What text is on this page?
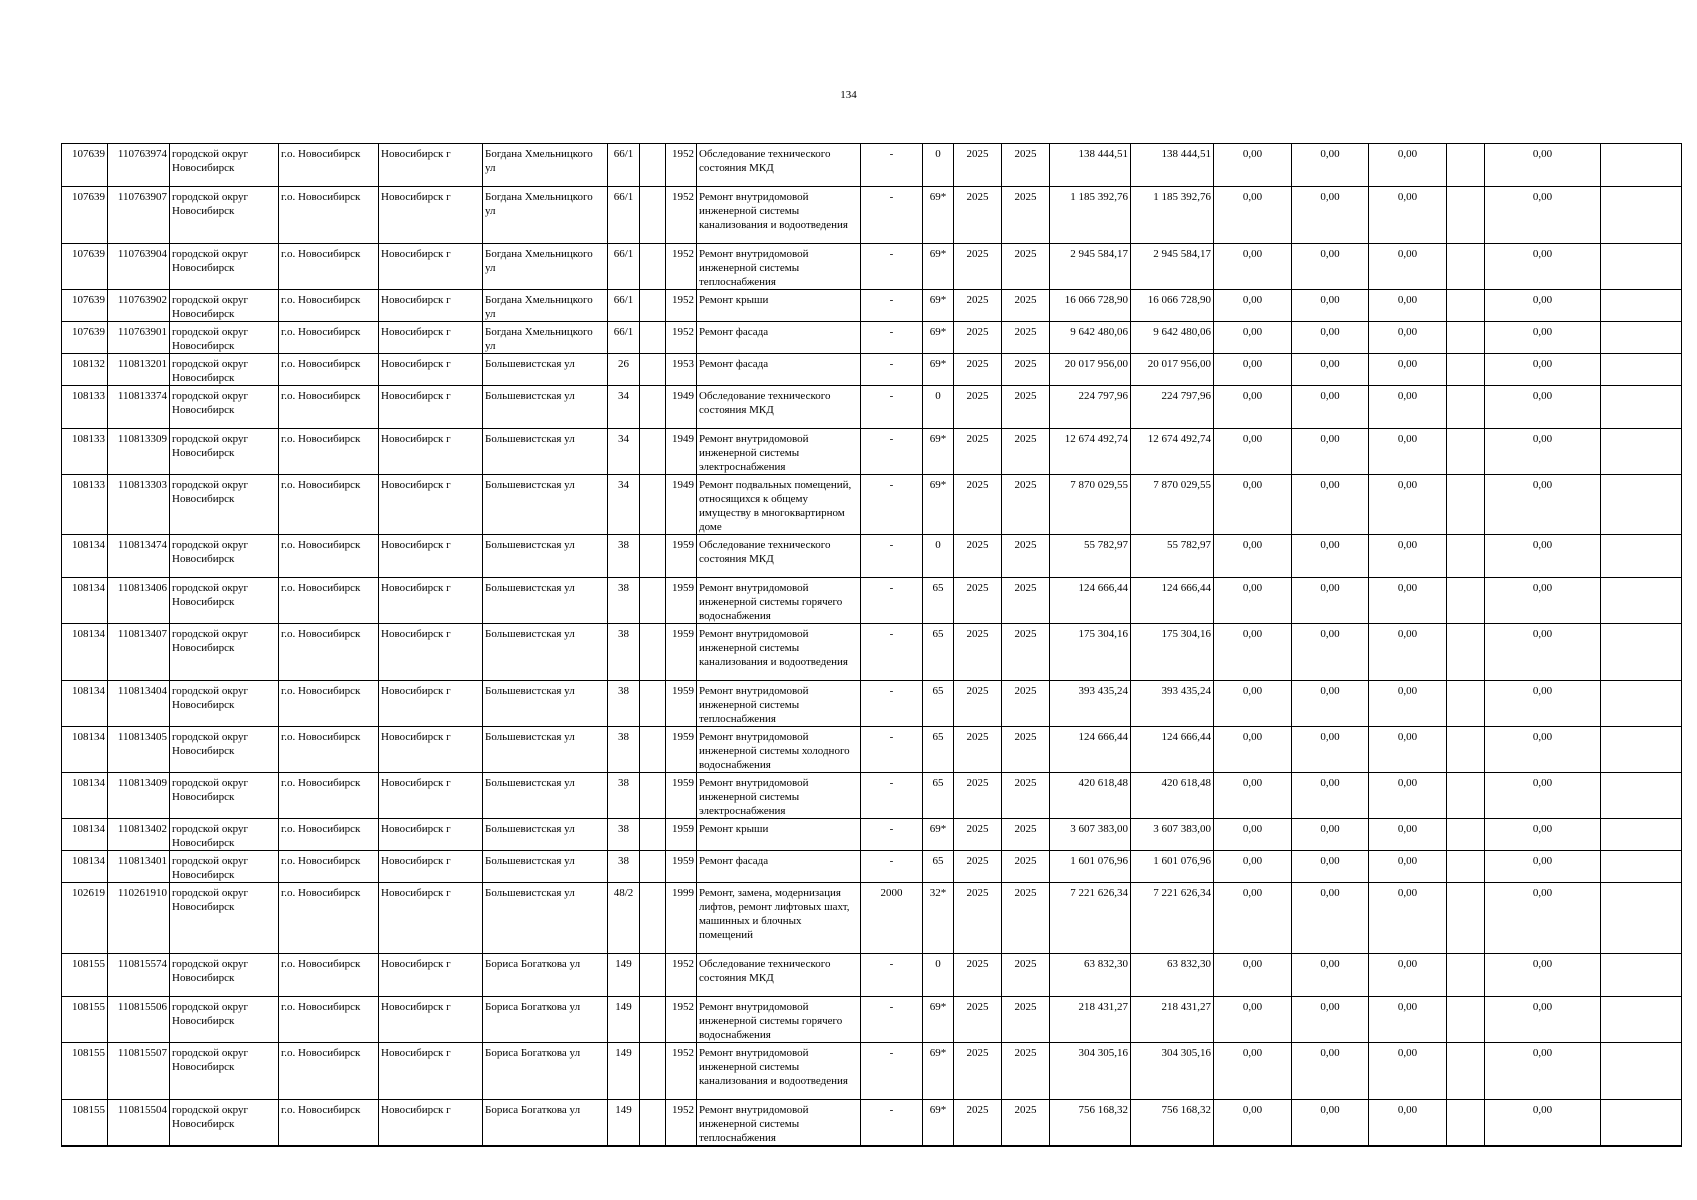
134
107639	110763974	городской округ Новосибирск	г.о. Новосибирск	Новосибирск г	Богдана Хмельницкого ул	66/1		1952	Обследование технического состояния МКД	-	0	2025	2025	138 444,51	138 444,51	0,00	0,00	0,00		0,00	
107639	110763907	городской округ Новосибирск	г.о. Новосибирск	Новосибирск г	Богдана Хмельницкого ул	66/1		1952	Ремонт внутридомовой инженерной системы канализования и водоотведения	-	69*	2025	2025	1 185 392,76	1 185 392,76	0,00	0,00	0,00		0,00	
107639	110763904	городской округ Новосибирск	г.о. Новосибирск	Новосибирск г	Богдана Хмельницкого ул	66/1		1952	Ремонт внутридомовой инженерной системы теплоснабжения	-	69*	2025	2025	2 945 584,17	2 945 584,17	0,00	0,00	0,00		0,00	
107639	110763902	городской округ Новосибирск	г.о. Новосибирск	Новосибирск г	Богдана Хмельницкого ул	66/1		1952	Ремонт крыши	-	69*	2025	2025	16 066 728,90	16 066 728,90	0,00	0,00	0,00		0,00	
107639	110763901	городской округ Новосибирск	г.о. Новосибирск	Новосибирск г	Богдана Хмельницкого ул	66/1		1952	Ремонт фасада	-	69*	2025	2025	9 642 480,06	9 642 480,06	0,00	0,00	0,00		0,00	
108132	110813201	городской округ Новосибирск	г.о. Новосибирск	Новосибирск г	Большевистская ул	26		1953	Ремонт фасада	-	69*	2025	2025	20 017 956,00	20 017 956,00	0,00	0,00	0,00		0,00	
108133	110813374	городской округ Новосибирск	г.о. Новосибирск	Новосибирск г	Большевистская ул	34		1949	Обследование технического состояния МКД	-	0	2025	2025	224 797,96	224 797,96	0,00	0,00	0,00		0,00	
108133	110813309	городской округ Новосибирск	г.о. Новосибирск	Новосибирск г	Большевистская ул	34		1949	Ремонт внутридомовой инженерной системы электроснабжения	-	69*	2025	2025	12 674 492,74	12 674 492,74	0,00	0,00	0,00		0,00	
108133	110813303	городской округ Новосибирск	г.о. Новосибирск	Новосибирск г	Большевистская ул	34		1949	Ремонт подвальных помещений, относящихся к общему имуществу в многоквартирном доме	-	69*	2025	2025	7 870 029,55	7 870 029,55	0,00	0,00	0,00		0,00	
108134	110813474	городской округ Новосибирск	г.о. Новосибирск	Новосибирск г	Большевистская ул	38		1959	Обследование технического состояния МКД	-	0	2025	2025	55 782,97	55 782,97	0,00	0,00	0,00		0,00	
108134	110813406	городской округ Новосибирск	г.о. Новосибирск	Новосибирск г	Большевистская ул	38		1959	Ремонт внутридомовой инженерной системы горячего водоснабжения	-	65	2025	2025	124 666,44	124 666,44	0,00	0,00	0,00		0,00	
108134	110813407	городской округ Новосибирск	г.о. Новосибирск	Новосибирск г	Большевистская ул	38		1959	Ремонт внутридомовой инженерной системы канализования и водоотведения	-	65	2025	2025	175 304,16	175 304,16	0,00	0,00	0,00		0,00	
108134	110813404	городской округ Новосибирск	г.о. Новосибирск	Новосибирск г	Большевистская ул	38		1959	Ремонт внутридомовой инженерной системы теплоснабжения	-	65	2025	2025	393 435,24	393 435,24	0,00	0,00	0,00		0,00	
108134	110813405	городской округ Новосибирск	г.о. Новосибирск	Новосибирск г	Большевистская ул	38		1959	Ремонт внутридомовой инженерной системы холодного водоснабжения	-	65	2025	2025	124 666,44	124 666,44	0,00	0,00	0,00		0,00	
108134	110813409	городской округ Новосибирск	г.о. Новосибирск	Новосибирск г	Большевистская ул	38		1959	Ремонт внутридомовой инженерной системы электроснабжения	-	65	2025	2025	420 618,48	420 618,48	0,00	0,00	0,00		0,00	
108134	110813402	городской округ Новосибирск	г.о. Новосибирск	Новосибирск г	Большевистская ул	38		1959	Ремонт крыши	-	69*	2025	2025	3 607 383,00	3 607 383,00	0,00	0,00	0,00		0,00	
108134	110813401	городской округ Новосибирск	г.о. Новосибирск	Новосибирск г	Большевистская ул	38		1959	Ремонт фасада	-	65	2025	2025	1 601 076,96	1 601 076,96	0,00	0,00	0,00		0,00	
102619	110261910	городской округ Новосибирск	г.о. Новосибирск	Новосибирск г	Большевистская ул	48/2		1999	Ремонт, замена, модернизация лифтов, ремонт лифтовых шахт, машинных и блочных помещений	2000	32*	2025	2025	7 221 626,34	7 221 626,34	0,00	0,00	0,00		0,00	
108155	110815574	городской округ Новосибирск	г.о. Новосибирск	Новосибирск г	Бориса Богаткова ул	149		1952	Обследование технического состояния МКД	-	0	2025	2025	63 832,30	63 832,30	0,00	0,00	0,00		0,00	
108155	110815506	городской округ Новосибирск	г.о. Новосибирск	Новосибирск г	Бориса Богаткова ул	149		1952	Ремонт внутридомовой инженерной системы горячего водоснабжения	-	69*	2025	2025	218 431,27	218 431,27	0,00	0,00	0,00		0,00	
108155	110815507	городской округ Новосибирск	г.о. Новосибирск	Новосибирск г	Бориса Богаткова ул	149		1952	Ремонт внутридомовой инженерной системы канализования и водоотведения	-	69*	2025	2025	304 305,16	304 305,16	0,00	0,00	0,00		0,00	
108155	110815504	городской округ Новосибирск	г.о. Новосибирск	Новосибирск г	Бориса Богаткова ул	149		1952	Ремонт внутридомовой инженерной системы теплоснабжения	-	69*	2025	2025	756 168,32	756 168,32	0,00	0,00	0,00		0,00	
